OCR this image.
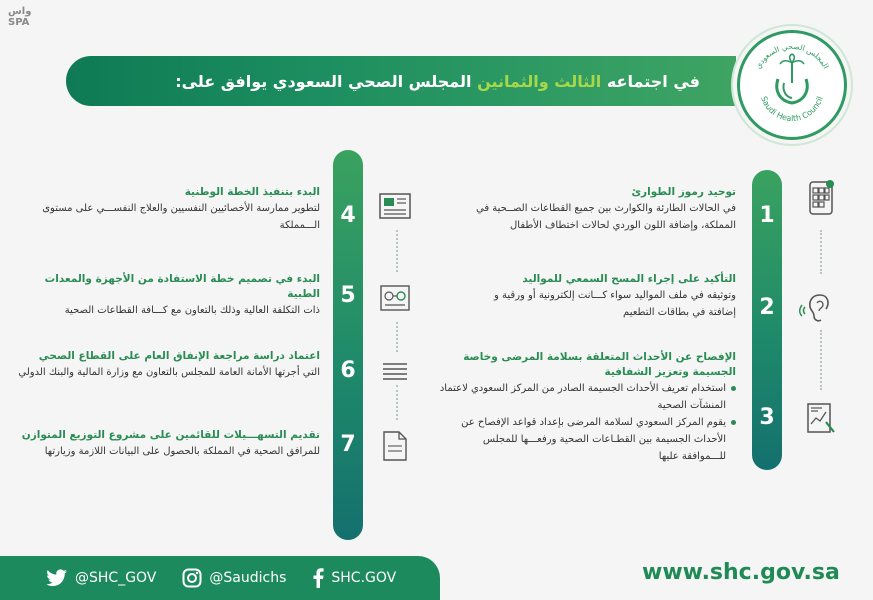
واس
SPA
في اجتماعه الثالث والثمانين المجلس الصحي السعودي يوافق على:
المجلس الصحي السعودي
Saudi Health Council
1
2
3
4
5
6
7
توحيد رموز الطوارئ
في الحالات الطارئة والكوارث بين جميع القطاعات الصــحية في المملكة، وإضافة اللون الوردي لحالات اختطاف الأطفال
التأكيد على إجراء المسح السمعي للمواليد
وتوثيقه في ملف المواليد سواء كـــانت إلكترونية أو ورقية و إضافتة في بطاقات التطعيم
الإفصاح عن الأحداث المتعلقة بسلامة المرضى وخاصة الجسيمة وتعزيز الشفافية
استخدام تعريف الأحداث الجسيمة الصادر من المركز السعودي لاعتماد المنشآت الصحية
يقوم المركز السعودي لسلامة المرضى بإعداد قواعد الإفصاح عن الأحداث الجسيمة بين القطـاعات الصحية ورفعـــها للمجلس للـــموافقة عليها
البدء بتنفيذ الخطة الوطنية
لتطوير ممارسة الأخصائيين النفسيين والعلاج النفســـي على مستوى الـــمملكة
البدء في تصميم خطة الاستفادة من الأجهزة والمعدات الطبية
ذات التكلفة العالية وذلك بالتعاون مع كـــافة القطاعات الصحية
اعتماد دراسة مراجعة الإنفاق العام على القطاع الصحي
التي أجرتها الأمانة العامة للمجلس بالتعاون مع وزارة المالية والبنك الدولي
تقديم التسهـــيلات للقائمين على مشروع التوزيع المتوازن
للمرافق الصحية في المملكة بالحصول على البيانات اللازمة وزيارتها
@SHC_GOV	@Saudichs	SHC.GOV	www.shc.gov.sa
